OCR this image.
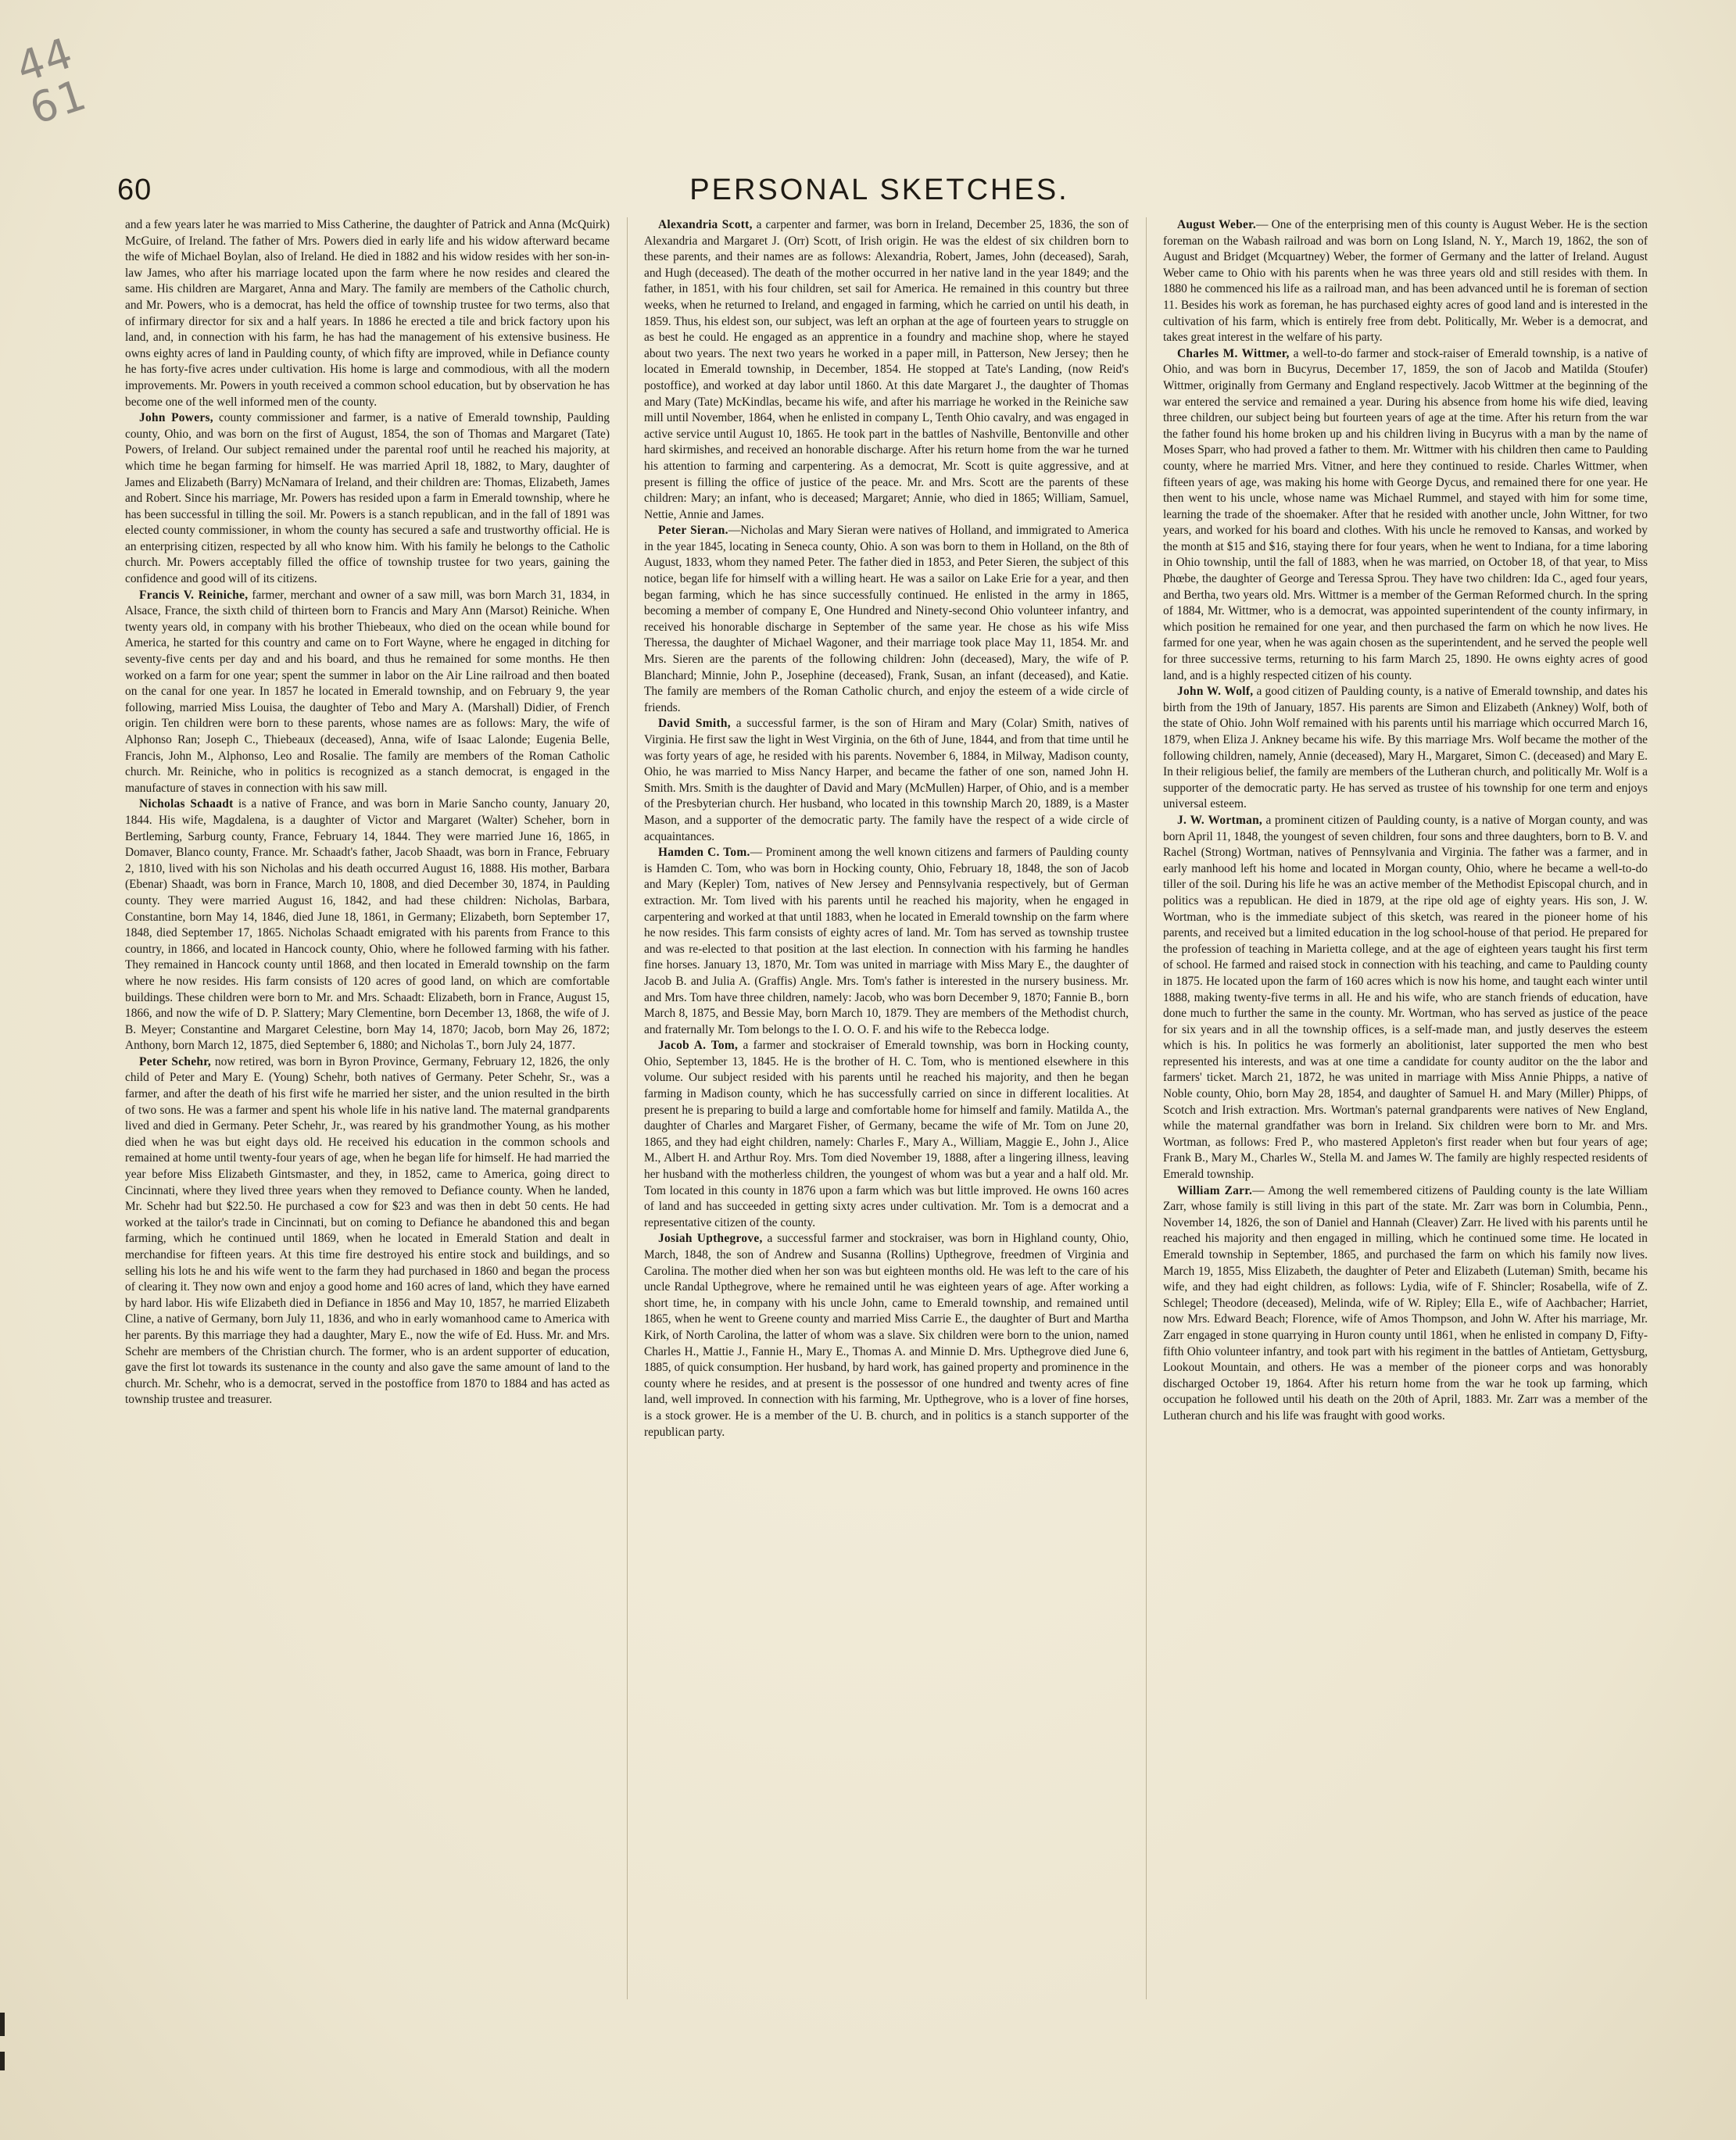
44
61
60	PERSONAL SKETCHES.

and a few years later he was married to Miss Catherine, the daughter of Patrick and Anna (McQuirk) McGuire, of Ireland. The father of Mrs. Powers died in early life and his widow afterward became the wife of Michael Boylan, also of Ireland. He died in 1882 and his widow resides with her son-in-law James, who after his marriage located upon the farm where he now resides and cleared the same. His children are Margaret, Anna and Mary. The family are members of the Catholic church, and Mr. Powers, who is a democrat, has held the office of township trustee for two terms, also that of infirmary director for six and a half years. In 1886 he erected a tile and brick factory upon his land, and, in connection with his farm, he has had the management of his extensive business. He owns eighty acres of land in Paulding county, of which fifty are improved, while in Defiance county he has forty-five acres under cultivation. His home is large and commodious, with all the modern improvements. Mr. Powers in youth received a common school education, but by observation he has become one of the well informed men of the county.

John Powers, county commissioner and farmer, is a native of Emerald township, Paulding county, Ohio, and was born on the first of August, 1854, the son of Thomas and Margaret (Tate) Powers, of Ireland. Our subject remained under the parental roof until he reached his majority, at which time he began farming for himself. He was married April 18, 1882, to Mary, daughter of James and Elizabeth (Barry) McNamara of Ireland, and their children are: Thomas, Elizabeth, James and Robert. Since his marriage, Mr. Powers has resided upon a farm in Emerald township, where he has been successful in tilling the soil. Mr. Powers is a stanch republican, and in the fall of 1891 was elected county commissioner, in whom the county has secured a safe and trustworthy official. He is an enterprising citizen, respected by all who know him. With his family he belongs to the Catholic church. Mr. Powers acceptably filled the office of township trustee for two years, gaining the confidence and good will of its citizens.

Francis V. Reiniche, farmer, merchant and owner of a saw mill, was born March 31, 1834, in Alsace, France, the sixth child of thirteen born to Francis and Mary Ann (Marsot) Reiniche. When twenty years old, in company with his brother Thiebeaux, who died on the ocean while bound for America, he started for this country and came on to Fort Wayne, where he engaged in ditching for seventy-five cents per day and and his board, and thus he remained for some months. He then worked on a farm for one year; spent the summer in labor on the Air Line railroad and then boated on the canal for one year. In 1857 he located in Emerald township, and on February 9, the year following, married Miss Louisa, the daughter of Tebo and Mary A. (Marshall) Didier, of French origin. Ten children were born to these parents, whose names are as follows: Mary, the wife of Alphonso Ran; Joseph C., Thiebeaux (deceased), Anna, wife of Isaac Lalonde; Eugenia Belle, Francis, John M., Alphonso, Leo and Rosalie. The family are members of the Roman Catholic church. Mr. Reiniche, who in politics is recognized as a stanch democrat, is engaged in the manufacture of staves in connection with his saw mill.

Nicholas Schaadt is a native of France, and was born in Marie Sancho county, January 20, 1844. His wife, Magdalena, is a daughter of Victor and Margaret (Walter) Scheher, born in Bertleming, Sarburg county, France, February 14, 1844. They were married June 16, 1865, in Domaver, Blanco county, France. Mr. Schaadt's father, Jacob Shaadt, was born in France, February 2, 1810, lived with his son Nicholas and his death occurred August 16, 1888. His mother, Barbara (Ebenar) Shaadt, was born in France, March 10, 1808, and died December 30, 1874, in Paulding county. They were married August 16, 1842, and had these children: Nicholas, Barbara, Constantine, born May 14, 1846, died June 18, 1861, in Germany; Elizabeth, born September 17, 1848, died September 17, 1865. Nicholas Schaadt emigrated with his parents from France to this country, in 1866, and located in Hancock county, Ohio, where he followed farming with his father. They remained in Hancock county until 1868, and then located in Emerald township on the farm where he now resides. His farm consists of 120 acres of good land, on which are comfortable buildings. These children were born to Mr. and Mrs. Schaadt: Elizabeth, born in France, August 15, 1866, and now the wife of D. P. Slattery; Mary Clementine, born December 13, 1868, the wife of J. B. Meyer; Constantine and Margaret Celestine, born May 14, 1870; Jacob, born May 26, 1872; Anthony, born March 12, 1875, died September 6, 1880; and Nicholas T., born July 24, 1877.

Peter Schehr, now retired, was born in Byron Province, Germany, February 12, 1826, the only child of Peter and Mary E. (Young) Schehr, both natives of Germany. Peter Schehr, Sr., was a farmer, and after the death of his first wife he married her sister, and the union resulted in the birth of two sons. He was a farmer and spent his whole life in his native land. The maternal grandparents lived and died in Germany. Peter Schehr, Jr., was reared by his grandmother Young, as his mother died when he was but eight days old. He received his education in the common schools and remained at home until twenty-four years of age, when he began life for himself. He had married the year before Miss Elizabeth Gintsmaster, and they, in 1852, came to America, going direct to Cincinnati, where they lived three years when they removed to Defiance county. When he landed, Mr. Schehr had but $22.50. He purchased a cow for $23 and was then in debt 50 cents. He had worked at the tailor's trade in Cincinnati, but on coming to Defiance he abandoned this and began farming, which he continued until 1869, when he located in Emerald Station and dealt in merchandise for fifteen years. At this time fire destroyed his entire stock and buildings, and so selling his lots he and his wife went to the farm they had purchased in 1860 and began the process of clearing it. They now own and enjoy a good home and 160 acres of land, which they have earned by hard labor. His wife Elizabeth died in Defiance in 1856 and May 10, 1857, he married Elizabeth Cline, a native of Germany, born July 11, 1836, and who in early womanhood came to America with her parents. By this marriage they had a daughter, Mary E., now the wife of Ed. Huss. Mr. and Mrs. Schehr are members of the Christian church. The former, who is an ardent supporter of education, gave the first lot towards its sustenance in the county and also gave the same amount of land to the church. Mr. Schehr, who is a democrat, served in the postoffice from 1870 to 1884 and has acted as township trustee and treasurer.

Alexandria Scott, a carpenter and farmer, was born in Ireland, December 25, 1836, the son of Alexandria and Margaret J. (Orr) Scott, of Irish origin. He was the eldest of six children born to these parents, and their names are as follows: Alexandria, Robert, James, John (deceased), Sarah, and Hugh (deceased). The death of the mother occurred in her native land in the year 1849; and the father, in 1851, with his four children, set sail for America. He remained in this country but three weeks, when he returned to Ireland, and engaged in farming, which he carried on until his death, in 1859. Thus, his eldest son, our subject, was left an orphan at the age of fourteen years to struggle on as best he could. He engaged as an apprentice in a foundry and machine shop, where he stayed about two years. The next two years he worked in a paper mill, in Patterson, New Jersey; then he located in Emerald township, in December, 1854. He stopped at Tate's Landing, (now Reid's postoffice), and worked at day labor until 1860. At this date Margaret J., the daughter of Thomas and Mary (Tate) McKindlas, became his wife, and after his marriage he worked in the Reiniche saw mill until November, 1864, when he enlisted in company L, Tenth Ohio cavalry, and was engaged in active service until August 10, 1865. He took part in the battles of Nashville, Bentonville and other hard skirmishes, and received an honorable discharge. After his return home from the war he turned his attention to farming and carpentering. As a democrat, Mr. Scott is quite aggressive, and at present is filling the office of justice of the peace. Mr. and Mrs. Scott are the parents of these children: Mary; an infant, who is deceased; Margaret; Annie, who died in 1865; William, Samuel, Nettie, Annie and James.

Peter Sieran.—Nicholas and Mary Sieran were natives of Holland, and immigrated to America in the year 1845, locating in Seneca county, Ohio. A son was born to them in Holland, on the 8th of August, 1833, whom they named Peter. The father died in 1853, and Peter Sieren, the subject of this notice, began life for himself with a willing heart. He was a sailor on Lake Erie for a year, and then began farming, which he has since successfully continued. He enlisted in the army in 1865, becoming a member of company E, One Hundred and Ninety-second Ohio volunteer infantry, and received his honorable discharge in September of the same year. He chose as his wife Miss Theressa, the daughter of Michael Wagoner, and their marriage took place May 11, 1854. Mr. and Mrs. Sieren are the parents of the following children: John (deceased), Mary, the wife of P. Blanchard; Minnie, John P., Josephine (deceased), Frank, Susan, an infant (deceased), and Katie. The family are members of the Roman Catholic church, and enjoy the esteem of a wide circle of friends.

David Smith, a successful farmer, is the son of Hiram and Mary (Colar) Smith, natives of Virginia. He first saw the light in West Virginia, on the 6th of June, 1844, and from that time until he was forty years of age, he resided with his parents. November 6, 1884, in Milway, Madison county, Ohio, he was married to Miss Nancy Harper, and became the father of one son, named John H. Smith. Mrs. Smith is the daughter of David and Mary (McMullen) Harper, of Ohio, and is a member of the Presbyterian church. Her husband, who located in this township March 20, 1889, is a Master Mason, and a supporter of the democratic party. The family have the respect of a wide circle of acquaintances.

Hamden C. Tom.— Prominent among the well known citizens and farmers of Paulding county is Hamden C. Tom, who was born in Hocking county, Ohio, February 18, 1848, the son of Jacob and Mary (Kepler) Tom, natives of New Jersey and Pennsylvania respectively, but of German extraction. Mr. Tom lived with his parents until he reached his majority, when he engaged in carpentering and worked at that until 1883, when he located in Emerald township on the farm where he now resides. This farm consists of eighty acres of land. Mr. Tom has served as township trustee and was re-elected to that position at the last election. In connection with his farming he handles fine horses. January 13, 1870, Mr. Tom was united in marriage with Miss Mary E., the daughter of Jacob B. and Julia A. (Graffis) Angle. Mrs. Tom's father is interested in the nursery business. Mr. and Mrs. Tom have three children, namely: Jacob, who was born December 9, 1870; Fannie B., born March 8, 1875, and Bessie May, born March 10, 1879. They are members of the Methodist church, and fraternally Mr. Tom belongs to the I. O. O. F. and his wife to the Rebecca lodge.

Jacob A. Tom, a farmer and stockraiser of Emerald township, was born in Hocking county, Ohio, September 13, 1845. He is the brother of H. C. Tom, who is mentioned elsewhere in this volume. Our subject resided with his parents until he reached his majority, and then he began farming in Madison county, which he has successfully carried on since in different localities. At present he is preparing to build a large and comfortable home for himself and family. Matilda A., the daughter of Charles and Margaret Fisher, of Germany, became the wife of Mr. Tom on June 20, 1865, and they had eight children, namely: Charles F., Mary A., William, Maggie E., John J., Alice M., Albert H. and Arthur Roy. Mrs. Tom died November 19, 1888, after a lingering illness, leaving her husband with the motherless children, the youngest of whom was but a year and a half old. Mr. Tom located in this county in 1876 upon a farm which was but little improved. He owns 160 acres of land and has succeeded in getting sixty acres under cultivation. Mr. Tom is a democrat and a representative citizen of the county.

Josiah Upthegrove, a successful farmer and stockraiser, was born in Highland county, Ohio, March, 1848, the son of Andrew and Susanna (Rollins) Upthegrove, freedmen of Virginia and Carolina. The mother died when her son was but eighteen months old. He was left to the care of his uncle Randal Upthegrove, where he remained until he was eighteen years of age. After working a short time, he, in company with his uncle John, came to Emerald township, and remained until 1865, when he went to Greene county and married Miss Carrie E., the daughter of Burt and Martha Kirk, of North Carolina, the latter of whom was a slave. Six children were born to the union, named Charles H., Mattie J., Fannie H., Mary E., Thomas A. and Minnie D. Mrs. Upthegrove died June 6, 1885, of quick consumption. Her husband, by hard work, has gained property and prominence in the county where he resides, and at present is the possessor of one hundred and twenty acres of fine land, well improved. In connection with his farming, Mr. Upthegrove, who is a lover of fine horses, is a stock grower. He is a member of the U. B. church, and in politics is a stanch supporter of the republican party.

August Weber.— One of the enterprising men of this county is August Weber. He is the section foreman on the Wabash railroad and was born on Long Island, N. Y., March 19, 1862, the son of August and Bridget (Mcquartney) Weber, the former of Germany and the latter of Ireland. August Weber came to Ohio with his parents when he was three years old and still resides with them. In 1880 he commenced his life as a railroad man, and has been advanced until he is foreman of section 11. Besides his work as foreman, he has purchased eighty acres of good land and is interested in the cultivation of his farm, which is entirely free from debt. Politically, Mr. Weber is a democrat, and takes great interest in the welfare of his party.

Charles M. Wittmer, a well-to-do farmer and stock-raiser of Emerald township, is a native of Ohio, and was born in Bucyrus, December 17, 1859, the son of Jacob and Matilda (Stoufer) Wittmer, originally from Germany and England respectively. Jacob Wittmer at the beginning of the war entered the service and remained a year. During his absence from home his wife died, leaving three children, our subject being but fourteen years of age at the time. After his return from the war the father found his home broken up and his children living in Bucyrus with a man by the name of Moses Sparr, who had proved a father to them. Mr. Wittmer with his children then came to Paulding county, where he married Mrs. Vitner, and here they continued to reside. Charles Wittmer, when fifteen years of age, was making his home with George Dycus, and remained there for one year. He then went to his uncle, whose name was Michael Rummel, and stayed with him for some time, learning the trade of the shoemaker. After that he resided with another uncle, John Wittner, for two years, and worked for his board and clothes. With his uncle he removed to Kansas, and worked by the month at $15 and $16, staying there for four years, when he went to Indiana, for a time laboring in Ohio township, until the fall of 1883, when he was married, on October 18, of that year, to Miss Phœbe, the daughter of George and Teressa Sprou. They have two children: Ida C., aged four years, and Bertha, two years old. Mrs. Wittmer is a member of the German Reformed church. In the spring of 1884, Mr. Wittmer, who is a democrat, was appointed superintendent of the county infirmary, in which position he remained for one year, and then purchased the farm on which he now lives. He farmed for one year, when he was again chosen as the superintendent, and he served the people well for three successive terms, returning to his farm March 25, 1890. He owns eighty acres of good land, and is a highly respected citizen of his county.

John W. Wolf, a good citizen of Paulding county, is a native of Emerald township, and dates his birth from the 19th of January, 1857. His parents are Simon and Elizabeth (Ankney) Wolf, both of the state of Ohio. John Wolf remained with his parents until his marriage which occurred March 16, 1879, when Eliza J. Ankney became his wife. By this marriage Mrs. Wolf became the mother of the following children, namely, Annie (deceased), Mary H., Margaret, Simon C. (deceased) and Mary E. In their religious belief, the family are members of the Lutheran church, and politically Mr. Wolf is a supporter of the democratic party. He has served as trustee of his township for one term and enjoys universal esteem.

J. W. Wortman, a prominent citizen of Paulding county, is a native of Morgan county, and was born April 11, 1848, the youngest of seven children, four sons and three daughters, born to B. V. and Rachel (Strong) Wortman, natives of Pennsylvania and Virginia. The father was a farmer, and in early manhood left his home and located in Morgan county, Ohio, where he became a well-to-do tiller of the soil. During his life he was an active member of the Methodist Episcopal church, and in politics was a republican. He died in 1879, at the ripe old age of eighty years. His son, J. W. Wortman, who is the immediate subject of this sketch, was reared in the pioneer home of his parents, and received but a limited education in the log school-house of that period. He prepared for the profession of teaching in Marietta college, and at the age of eighteen years taught his first term of school. He farmed and raised stock in connection with his teaching, and came to Paulding county in 1875. He located upon the farm of 160 acres which is now his home, and taught each winter until 1888, making twenty-five terms in all. He and his wife, who are stanch friends of education, have done much to further the same in the county. Mr. Wortman, who has served as justice of the peace for six years and in all the township offices, is a self-made man, and justly deserves the esteem which is his. In politics he was formerly an abolitionist, later supported the men who best represented his interests, and was at one time a candidate for county auditor on the the labor and farmers' ticket. March 21, 1872, he was united in marriage with Miss Annie Phipps, a native of Noble county, Ohio, born May 28, 1854, and daughter of Samuel H. and Mary (Miller) Phipps, of Scotch and Irish extraction. Mrs. Wortman's paternal grandparents were natives of New England, while the maternal grandfather was born in Ireland. Six children were born to Mr. and Mrs. Wortman, as follows: Fred P., who mastered Appleton's first reader when but four years of age; Frank B., Mary M., Charles W., Stella M. and James W. The family are highly respected residents of Emerald township.

William Zarr.— Among the well remembered citizens of Paulding county is the late William Zarr, whose family is still living in this part of the state. Mr. Zarr was born in Columbia, Penn., November 14, 1826, the son of Daniel and Hannah (Cleaver) Zarr. He lived with his parents until he reached his majority and then engaged in milling, which he continued some time. He located in Emerald township in September, 1865, and purchased the farm on which his family now lives. March 19, 1855, Miss Elizabeth, the daughter of Peter and Elizabeth (Luteman) Smith, became his wife, and they had eight children, as follows: Lydia, wife of F. Shincler; Rosabella, wife of Z. Schlegel; Theodore (deceased), Melinda, wife of W. Ripley; Ella E., wife of Aachbacher; Harriet, now Mrs. Edward Beach; Florence, wife of Amos Thompson, and John W. After his marriage, Mr. Zarr engaged in stone quarrying in Huron county until 1861, when he enlisted in company D, Fifty-fifth Ohio volunteer infantry, and took part with his regiment in the battles of Antietam, Gettysburg, Lookout Mountain, and others. He was a member of the pioneer corps and was honorably discharged October 19, 1864. After his return home from the war he took up farming, which occupation he followed until his death on the 20th of April, 1883. Mr. Zarr was a member of the Lutheran church and his life was fraught with good works.
